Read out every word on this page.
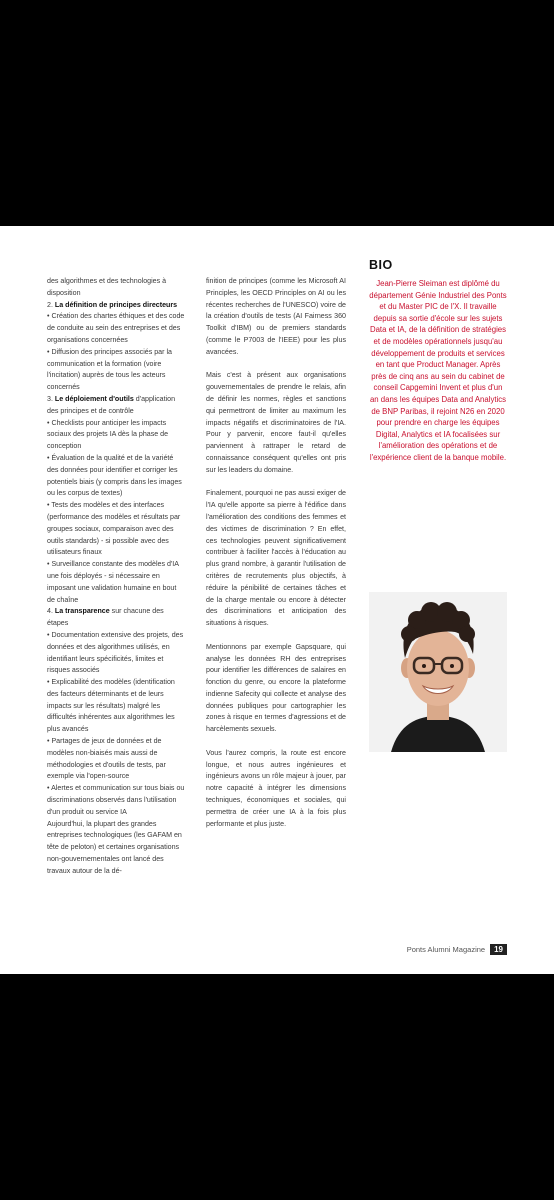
des algorithmes et des technologies à disposition

2. La définition de principes directeurs

• Création des chartes éthiques et des code de conduite au sein des entreprises et des organisations concernées

• Diffusion des principes associés par la communication et la formation (voire l'incitation) auprès de tous les acteurs concernés

3. Le déploiement d'outils d'application des principes et de contrôle

• Checklists pour anticiper les impacts sociaux des projets IA dès la phase de conception

• Évaluation de la qualité et de la variété des données pour identifier et corriger les potentiels biais (y compris dans les images ou les corpus de textes)

• Tests des modèles et des interfaces (performance des modèles et résultats par groupes sociaux, comparaison avec des outils standards) - si possible avec des utilisateurs finaux

• Surveillance constante des modèles d'IA une fois déployés - si nécessaire en imposant une validation humaine en bout de chaîne

4. La transparence sur chacune des étapes

• Documentation extensive des projets, des données et des algorithmes utilisés, en identifiant leurs spécificités, limites et risques associés

• Explicabilité des modèles (identification des facteurs déterminants et de leurs impacts sur les résultats) malgré les difficultés inhérentes aux algorithmes les plus avancés

• Partages de jeux de données et de modèles non-biaisés mais aussi de méthodologies et d'outils de tests, par exemple via l'open-source

• Alertes et communication sur tous biais ou discriminations observés dans l'utilisation d'un produit ou service IA

Aujourd'hui, la plupart des grandes entreprises technologiques (les GAFAM en tête de peloton) et certaines organisations non-gouvernementales ont lancé des travaux autour de la dé-

finition de principes (comme les Microsoft AI Principles, les OECD Principles on AI ou les récentes recherches de l'UNESCO) voire de la création d'outils de tests (AI Fairness 360 Toolkit d'IBM) ou de premiers standards (comme le P7003 de l'IEEE) pour les plus avancées.

Mais c'est à présent aux organisations gouvernementales de prendre le relais, afin de définir les normes, règles et sanctions qui permettront de limiter au maximum les impacts négatifs et discriminatoires de l'IA. Pour y parvenir, encore faut-il qu'elles parviennent à rattraper le retard de connaissance conséquent qu'elles ont pris sur les leaders du domaine.

Finalement, pourquoi ne pas aussi exiger de l'IA qu'elle apporte sa pierre à l'édifice dans l'amélioration des conditions des femmes et des victimes de discrimination ? En effet, ces technologies peuvent significativement contribuer à faciliter l'accès à l'éducation au plus grand nombre, à garantir l'utilisation de critères de recrutements plus objectifs, à réduire la pénibilité de certaines tâches et de la charge mentale ou encore à détecter des discriminations et anticipation des situations à risques.

Mentionnons par exemple Gapsquare, qui analyse les données RH des entreprises pour identifier les différences de salaires en fonction du genre, ou encore la plateforme indienne Safecity qui collecte et analyse des données publiques pour cartographier les zones à risque en termes d'agressions et de harcèlements sexuels.

Vous l'aurez compris, la route est encore longue, et nous autres ingénieures et ingénieurs avons un rôle majeur à jouer, par notre capacité à intégrer les dimensions techniques, économiques et sociales, qui permettra de créer une IA à la fois plus performante et plus juste.

BIO
Jean-Pierre Sleiman est diplômé du département Génie Industriel des Ponts et du Master PIC de l'X. Il travaille depuis sa sortie d'école sur les sujets Data et IA, de la définition de stratégies et de modèles opérationnels jusqu'au développement de produits et services en tant que Product Manager. Après près de cinq ans au sein du cabinet de conseil Capgemini Invent et plus d'un an dans les équipes Data and Analytics de BNP Paribas, il rejoint N26 en 2020 pour prendre en charge les équipes Digital, Analytics et IA focalisées sur l'amélioration des opérations et de l'expérience client de la banque mobile.
Ponts Alumni Magazine	19
